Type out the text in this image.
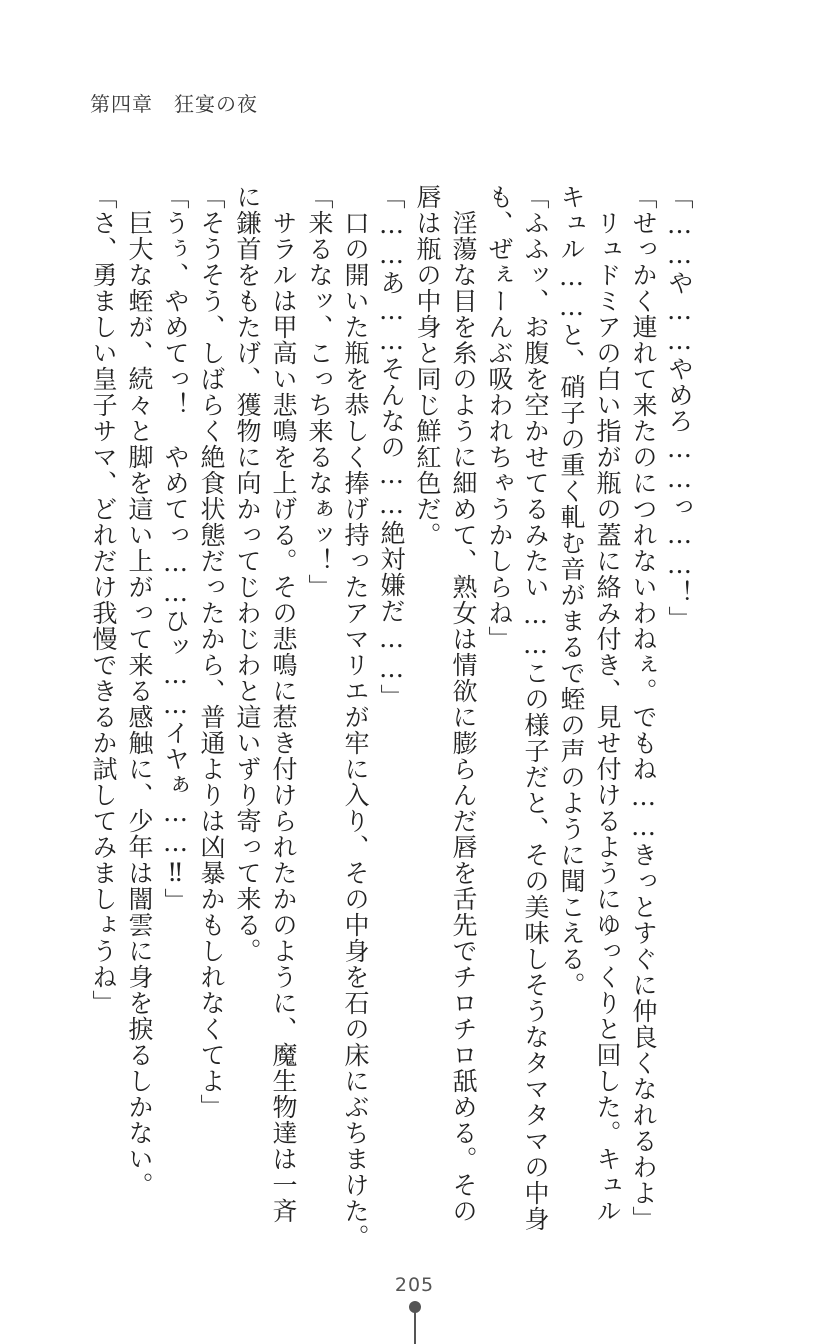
第四章　狂宴の夜
「……や……やめろ……っ……！」
「せっかく連れて来たのにつれないわねぇ。でもね……きっとすぐに仲良くなれるわよ」
　リュドミアの白い指が瓶の蓋に絡み付き、見せ付けるようにゆっくりと回した。キュル
キュル……と、硝子の重く軋む音がまるで蛭の声のように聞こえる。
「ふふッ、お腹を空かせてるみたい……この様子だと、その美味しそうなタマタマの中身
も、ぜぇーんぶ吸われちゃうかしらね」
　淫蕩な目を糸のように細めて、熟女は情欲に膨らんだ唇を舌先でチロチロ舐める。その
唇は瓶の中身と同じ鮮紅色だ。
「……あ……そんなの……絶対嫌だ……」
　口の開いた瓶を恭しく捧げ持ったアマリエが牢に入り、その中身を石の床にぶちまけた。
「来るなッ、こっち来るなぁッ！」
　サラルは甲高い悲鳴を上げる。その悲鳴に惹き付けられたかのように、魔生物達は一斉
に鎌首をもたげ、獲物に向かってじわじわと這いずり寄って来る。
「そうそう、しばらく絶食状態だったから、普通よりは凶暴かもしれなくてよ」
「うぅ、やめてっ！　やめてっ……ひッ……イヤぁ……‼」
　巨大な蛭が、続々と脚を這い上がって来る感触に、少年は闇雲に身を捩るしかない。
「さ、勇ましい皇子サマ、どれだけ我慢できるか試してみましょうね」
205
